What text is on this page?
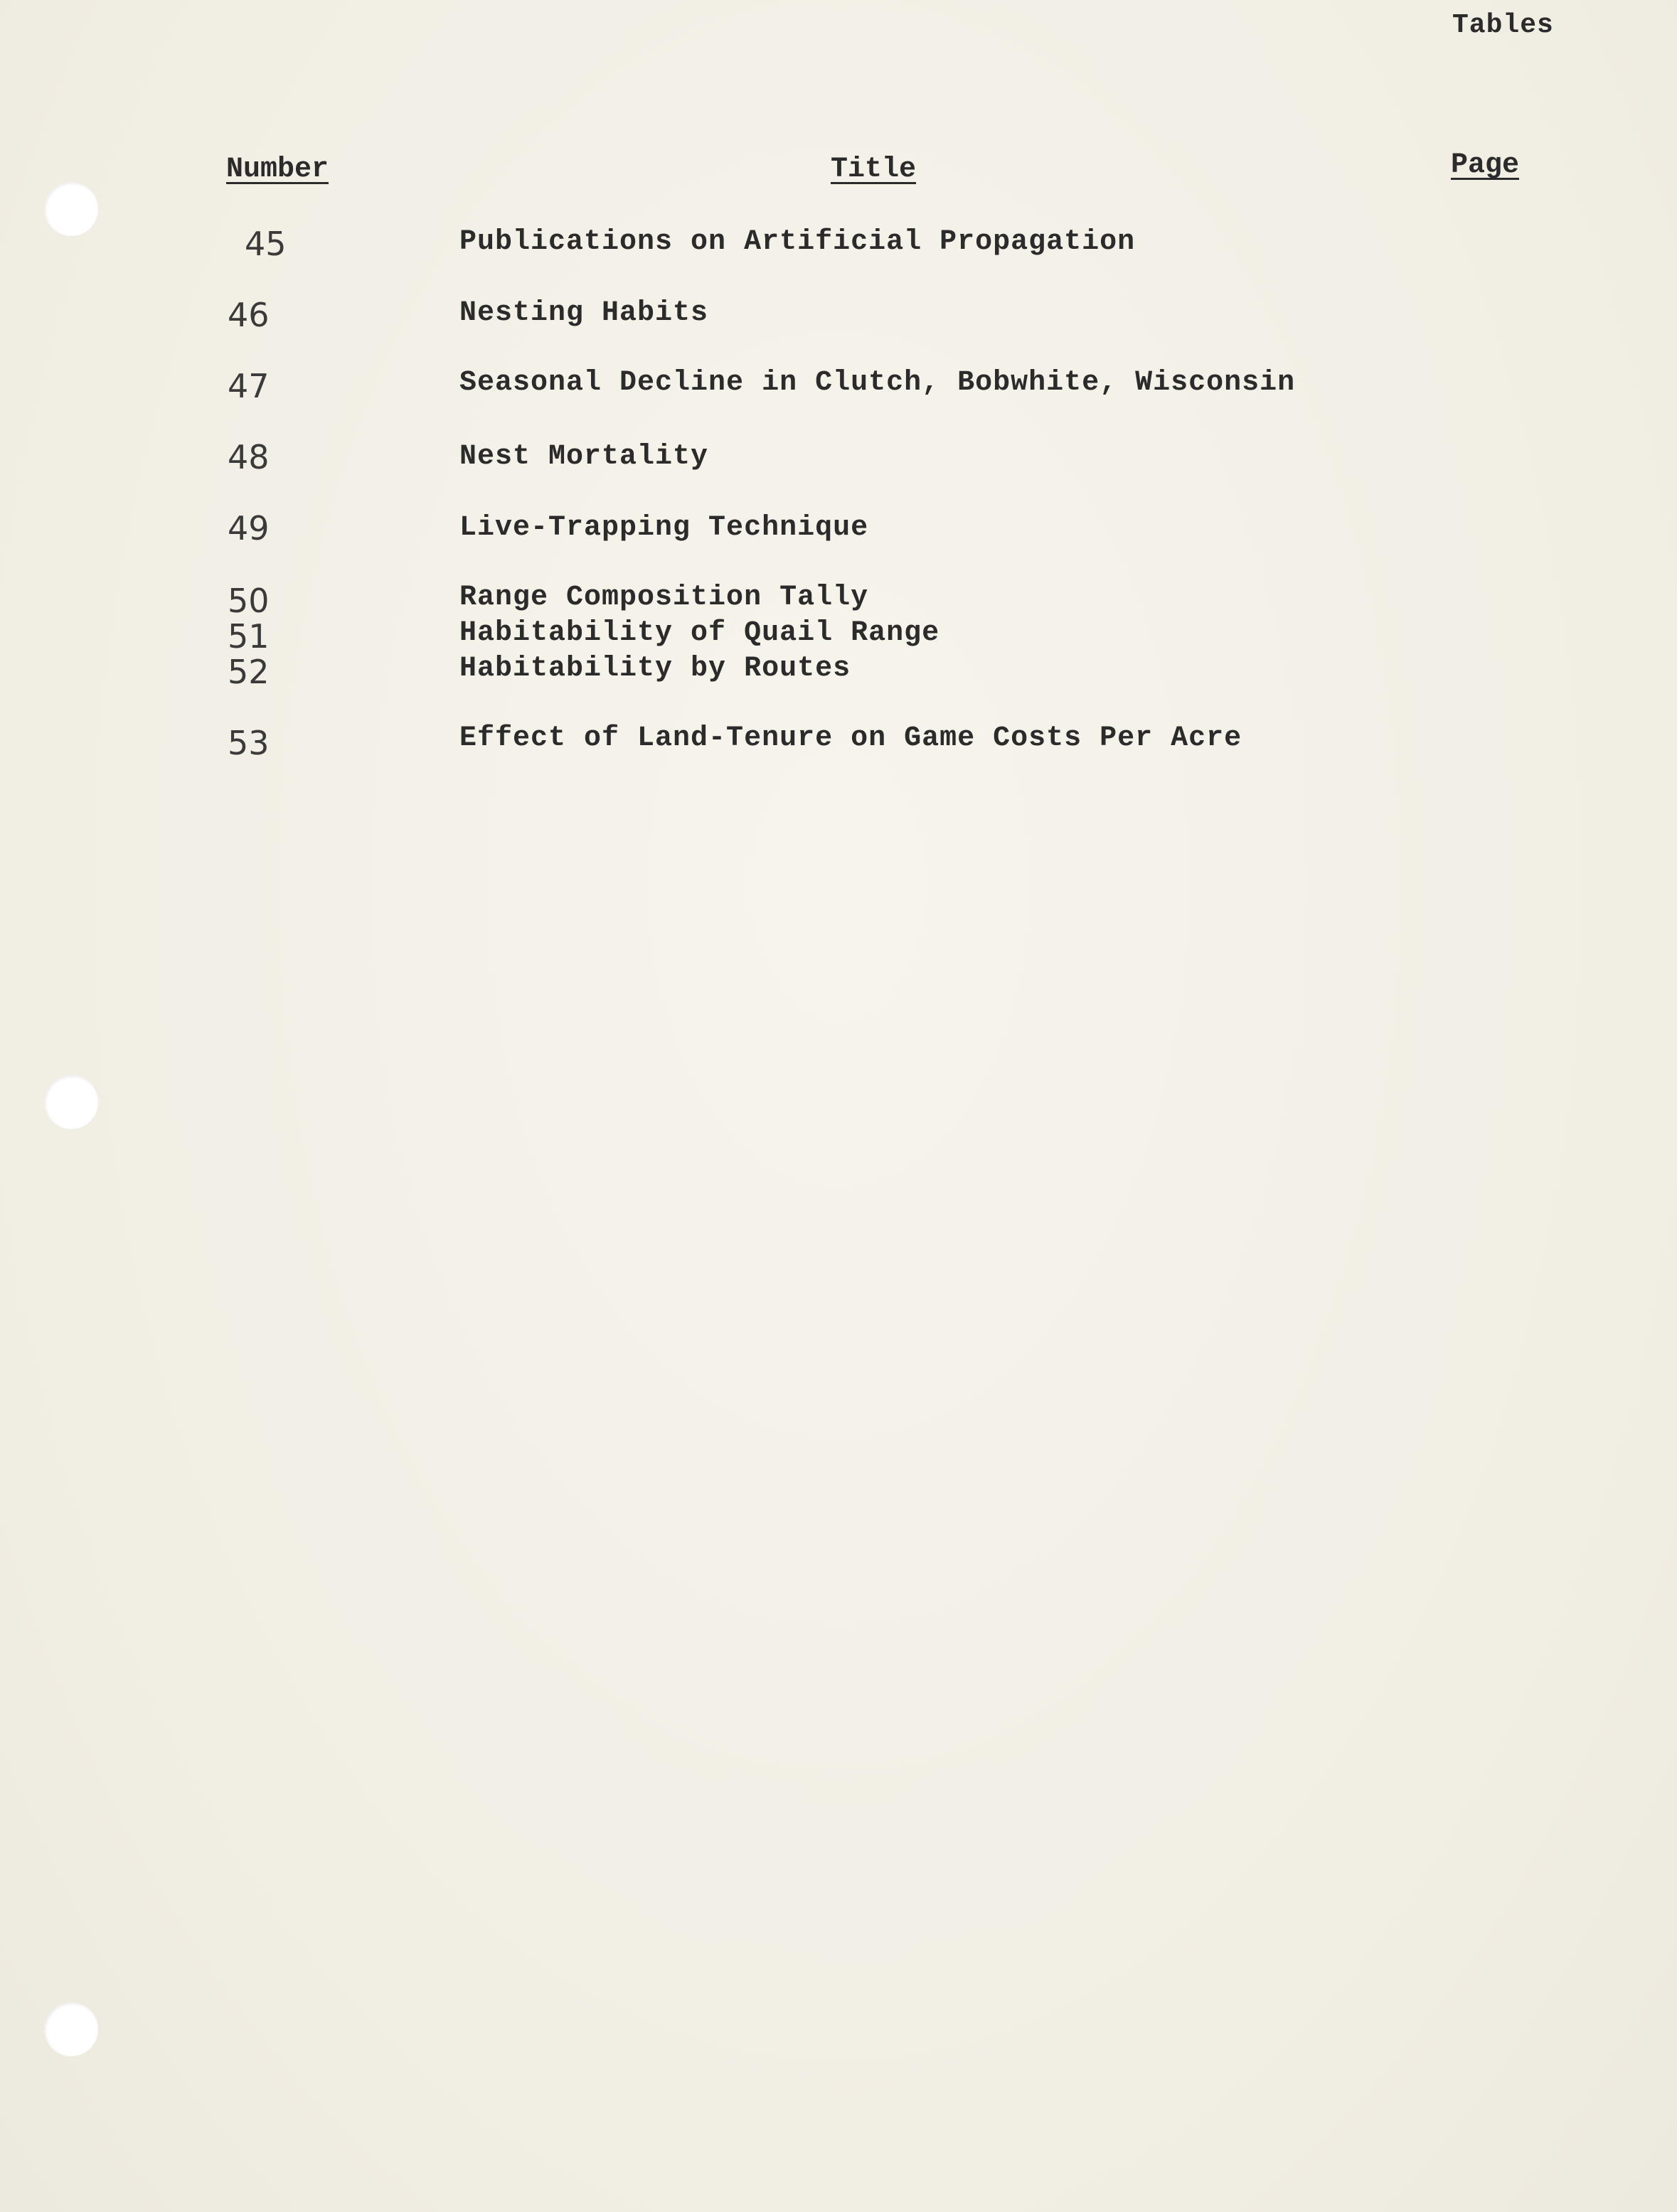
Tables
Number	Title	Page
45	Publications on Artificial Propagation
46	Nesting Habits
47	Seasonal Decline in Clutch, Bobwhite, Wisconsin
48	Nest Mortality
49	Live-Trapping Technique
50	Range Composition Tally
51	Habitability of Quail Range
52	Habitability by Routes
53	Effect of Land-Tenure on Game Costs Per Acre
